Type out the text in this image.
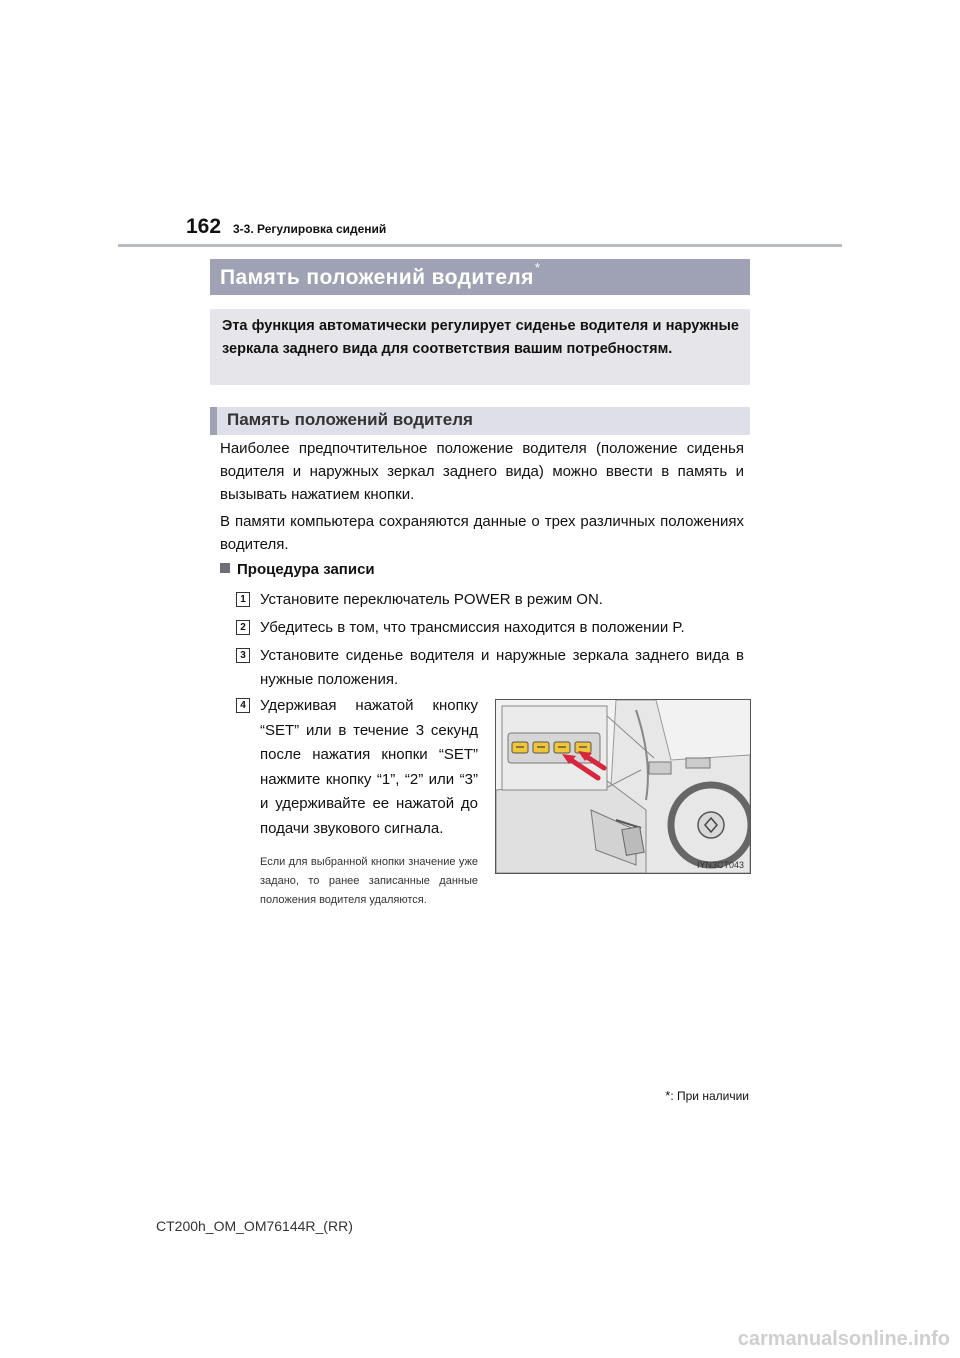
162 3-3. Регулировка сидений
Память положений водителя*

Эта функция автоматически регулирует сиденье водителя и наружные зеркала заднего вида для соответствия вашим потребностям.

Память положений водителя

Наиболее предпочтительное положение водителя (положение сиденья водителя и наружных зеркал заднего вида) можно ввести в память и вызывать нажатием кнопки.

В памяти компьютера сохраняются данные о трех различных положениях водителя.

Процедура записи
1 Установите переключатель POWER в режим ON.

2 Убедитесь в том, что трансмиссия находится в положении P.

3 Установите сиденье водителя и наружные зеркала заднего вида в нужные положения.

4 Удерживая нажатой кнопку “SET” или в течение 3 секунд после нажатия кнопки “SET” нажмите кнопку “1”, “2” или “3” и удерживайте ее нажатой до подачи звукового сигнала.

Если для выбранной кнопки значение уже задано, то ранее записанные данные положения водителя удаляются.

IYN3CT043
*: При наличии
CT200h_OM_OM76144R_(RR)
carmanualsonline.info
